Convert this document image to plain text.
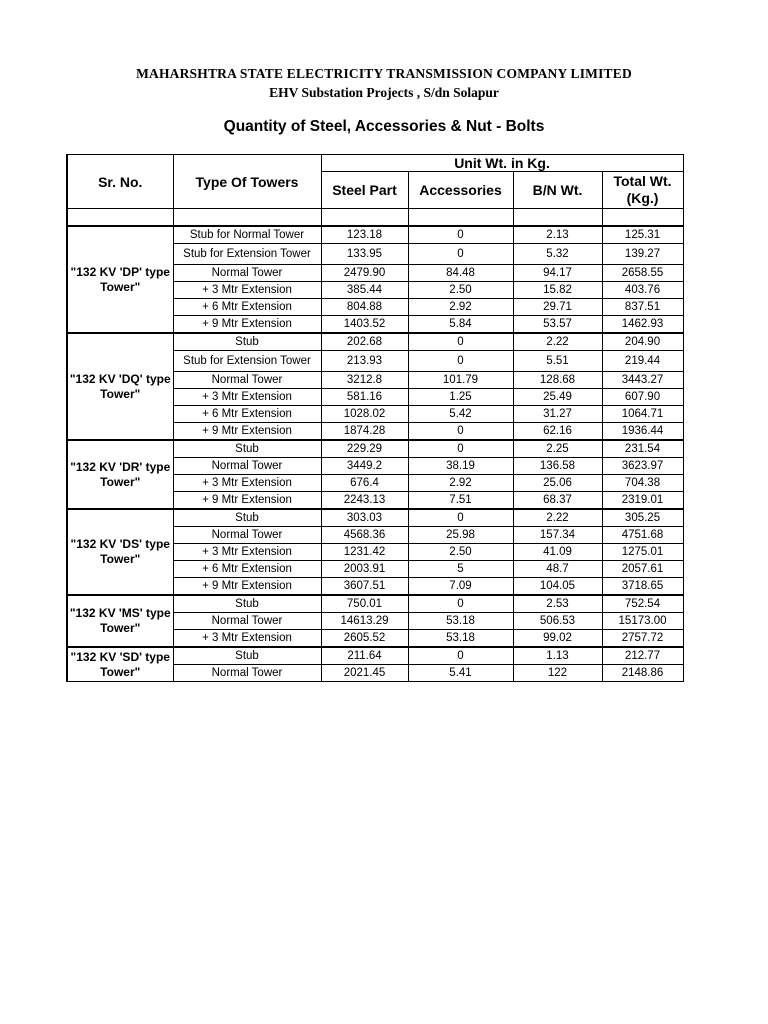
MAHARSHTRA STATE ELECTRICITY TRANSMISSION COMPANY LIMITED
EHV Substation Projects , S/dn Solapur
Quantity of Steel, Accessories & Nut - Bolts
Sr. No.	Type Of Towers	Unit Wt. in Kg.			
		Steel Part	Accessories	B/N Wt.	Total Wt. (Kg.)

"132 KV 'DP' type Tower"	Stub for Normal Tower	123.18	0	2.13	125.31
	Stub for Extension Tower	133.95	0	5.32	139.27
	Normal Tower	2479.90	84.48	94.17	2658.55
	+ 3 Mtr Extension	385.44	2.50	15.82	403.76
	+ 6 Mtr Extension	804.88	2.92	29.71	837.51
	+ 9 Mtr Extension	1403.52	5.84	53.57	1462.93
"132 KV 'DQ' type Tower"	Stub	202.68	0	2.22	204.90
	Stub for Extension Tower	213.93	0	5.51	219.44
	Normal Tower	3212.8	101.79	128.68	3443.27
	+ 3 Mtr Extension	581.16	1.25	25.49	607.90
	+ 6 Mtr Extension	1028.02	5.42	31.27	1064.71
	+ 9 Mtr Extension	1874.28	0	62.16	1936.44
"132 KV 'DR' type Tower"	Stub	229.29	0	2.25	231.54
	Normal Tower	3449.2	38.19	136.58	3623.97
	+ 3 Mtr Extension	676.4	2.92	25.06	704.38
	+ 9 Mtr Extension	2243.13	7.51	68.37	2319.01
"132 KV 'DS' type Tower"	Stub	303.03	0	2.22	305.25
	Normal Tower	4568.36	25.98	157.34	4751.68
	+ 3 Mtr Extension	1231.42	2.50	41.09	1275.01
	+ 6 Mtr Extension	2003.91	5	48.7	2057.61
	+ 9 Mtr Extension	3607.51	7.09	104.05	3718.65
"132 KV 'MS' type Tower"	Stub	750.01	0	2.53	752.54
	Normal Tower	14613.29	53.18	506.53	15173.00
	+ 3 Mtr Extension	2605.52	53.18	99.02	2757.72
"132 KV 'SD' type Tower"	Stub	211.64	0	1.13	212.77
	Normal Tower	2021.45	5.41	122	2148.86
